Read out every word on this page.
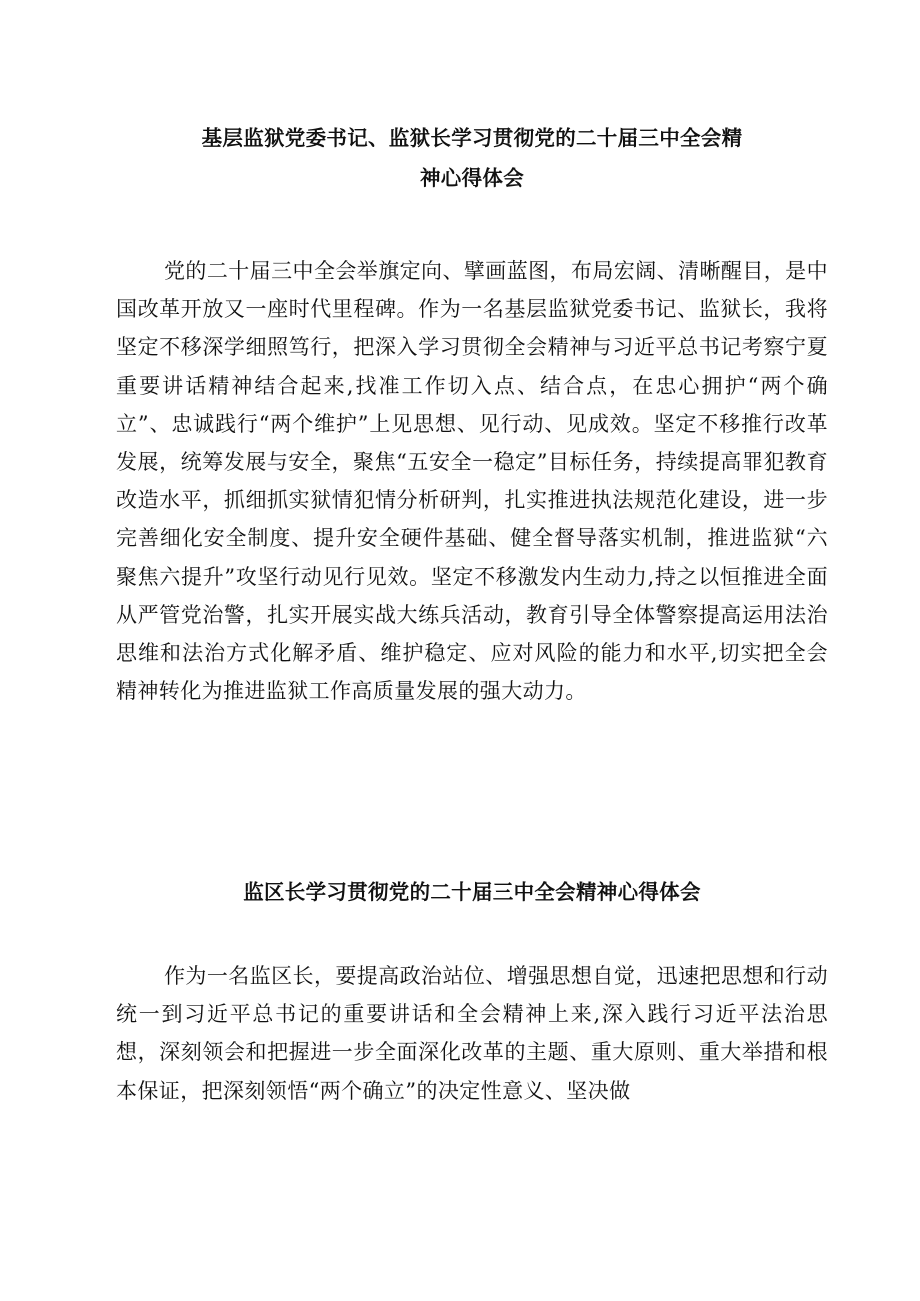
基层监狱党委书记、监狱长学习贯彻党的二十届三中全会精
神心得体会

党的二十届三中全会举旗定向、擘画蓝图，布局宏阔、清晰醒目，是中国改革开放又一座时代里程碑。作为一名基层监狱党委书记、监狱长，我将坚定不移深学细照笃行，把深入学习贯彻全会精神与习近平总书记考察宁夏重要讲话精神结合起来,找准工作切入点、结合点，在忠心拥护“两个确立”、忠诚践行“两个维护”上见思想、见行动、见成效。坚定不移推行改革发展，统筹发展与安全，聚焦“五安全一稳定”目标任务，持续提高罪犯教育改造水平，抓细抓实狱情犯情分析研判，扎实推进执法规范化建设，进一步完善细化安全制度、提升安全硬件基础、健全督导落实机制，推进监狱“六聚焦六提升”攻坚行动见行见效。坚定不移激发内生动力,持之以恒推进全面从严管党治警，扎实开展实战大练兵活动，教育引导全体警察提高运用法治思维和法治方式化解矛盾、维护稳定、应对风险的能力和水平,切实把全会精神转化为推进监狱工作高质量发展的强大动力。

监区长学习贯彻党的二十届三中全会精神心得体会

作为一名监区长，要提高政治站位、增强思想自觉，迅速把思想和行动统一到习近平总书记的重要讲话和全会精神上来,深入践行习近平法治思想，深刻领会和把握进一步全面深化改革的主题、重大原则、重大举措和根本保证，把深刻领悟“两个确立”的决定性意义、坚决做
